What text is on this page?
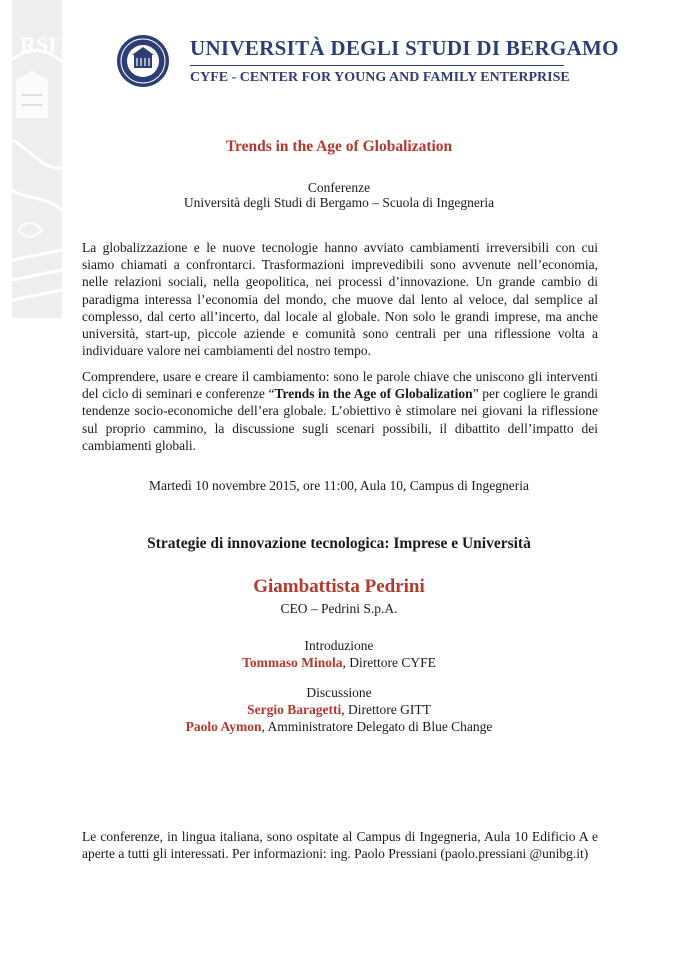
RSIT	UNIVERSITÀ DEGLI STUDI DI BERGAMO

CYFE - CENTER FOR YOUNG AND FAMILY ENTERPRISE

Trends in the Age of Globalization

Conferenze

Università degli Studi di Bergamo – Scuola di Ingegneria

La globalizzazione e le nuove tecnologie hanno avviato cambiamenti irreversibili con cui siamo chiamati a confrontarci. Trasformazioni imprevedibili sono avvenute nell’economia, nelle relazioni sociali, nella geopolitica, nei processi d’innovazione. Un grande cambio di paradigma interessa l’economia del mondo, che muove dal lento al veloce, dal semplice al complesso, dal certo all’incerto, dal locale al globale. Non solo le grandi imprese, ma anche università, start-up, piccole aziende e comunità sono centrali per una riflessione volta a individuare valore nei cambiamenti del nostro tempo.

Comprendere, usare e creare il cambiamento: sono le parole chiave che uniscono gli interventi del ciclo di seminari e conferenze “Trends in the Age of Globalization” per cogliere le grandi tendenze socio-economiche dell’era globale. L’obiettivo è stimolare nei giovani la riflessione sul proprio cammino, la discussione sugli scenari possibili, il dibattito dell’impatto dei cambiamenti globali.

Martedì 10 novembre 2015, ore 11:00, Aula 10, Campus di Ingegneria

Strategie di innovazione tecnologica: Imprese e Università

Giambattista Pedrini

CEO – Pedrini S.p.A.

Introduzione
Tommaso Minola, Direttore CYFE
Discussione
Sergio Baragetti, Direttore GITT
Paolo Aymon, Amministratore Delegato di Blue Change

Le conferenze, in lingua italiana, sono ospitate al Campus di Ingegneria, Aula 10 Edificio A e aperte a tutti gli interessati. Per informazioni: ing. Paolo Pressiani (paolo.pressiani @unibg.it)
